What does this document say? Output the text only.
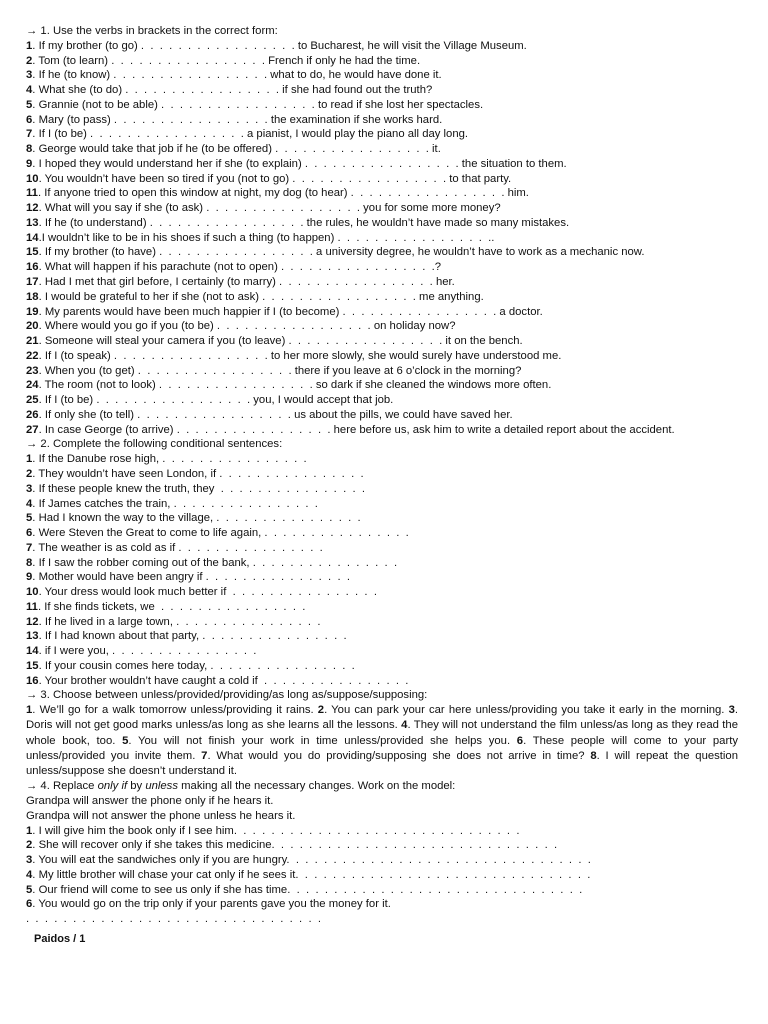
→ 1. Use the verbs in brackets in the correct form:
1. If my brother (to go) .  .  .  .  .  .  .  .  .  .  .  .  .  .  .  .  . to Bucharest, he will visit the Village Museum.
2. Tom (to learn) .  .  .  .  .  .  .  .  .  .  .  .  .  .  .  .  . French if only he had the time.
3. If he (to know) .  .  .  .  .  .  .  .  .  .  .  .  .  .  .  .  . what to do, he would have done it.
4. What she (to do) .  .  .  .  .  .  .  .  .  .  .  .  .  .  .  .  . if she had found out the truth?
5. Grannie (not to be able) .  .  .  .  .  .  .  .  .  .  .  .  .  .  .  .  . to read if she lost her spectacles.
6. Mary (to pass) .  .  .  .  .  .  .  .  .  .  .  .  .  .  .  .  . the examination if she works hard.
7. If I (to be) .  .  .  .  .  .  .  .  .  .  .  .  .  .  .  .  . a pianist, I would play the piano all day long.
8. George would take that job if he (to be offered) .  .  .  .  .  .  .  .  .  .  .  .  .  .  .  .  . it.
9. I hoped they would understand her if she (to explain) .  .  .  .  .  .  .  .  .  .  .  .  .  .  .  .  . the situation to them.
10. You wouldn’t have been so tired if you (not to go) .  .  .  .  .  .  .  .  .  .  .  .  .  .  .  .  . to that party.
11. If anyone tried to open this window at night, my dog (to hear) .  .  .  .  .  .  .  .  .  .  .  .  .  .  .  .  . him.
12. What will you say if she (to ask) .  .  .  .  .  .  .  .  .  .  .  .  .  .  .  .  . you for some more money?
13. If he (to understand) .  .  .  .  .  .  .  .  .  .  .  .  .  .  .  .  . the rules, he wouldn’t have made so many mistakes.
14.I wouldn’t like to be in his shoes if such a thing (to happen) .  .  .  .  .  .  .  .  .  .  .  .  .  .  .  .  ..
15. If my brother (to have) .  .  .  .  .  .  .  .  .  .  .  .  .  .  .  .  . a university degree, he wouldn’t have to work as a mechanic now.
16. What will happen if his parachute (not to open) .  .  .  .  .  .  .  .  .  .  .  .  .  .  .  .  .?
17. Had I met that girl before, I certainly (to marry) .  .  .  .  .  .  .  .  .  .  .  .  .  .  .  .  . her.
18. I would be grateful to her if she (not to ask) .  .  .  .  .  .  .  .  .  .  .  .  .  .  .  .  . me anything.
19. My parents would have been much happier if I (to become) .  .  .  .  .  .  .  .  .  .  .  .  .  .  .  .  . a doctor.
20. Where would you go if you (to be) .  .  .  .  .  .  .  .  .  .  .  .  .  .  .  .  . on holiday now?
21. Someone will steal your camera if you (to leave) .  .  .  .  .  .  .  .  .  .  .  .  .  .  .  .  . it on the bench.
22. If I (to speak) .  .  .  .  .  .  .  .  .  .  .  .  .  .  .  .  . to her more slowly, she would surely have understood me.
23. When you (to get) .  .  .  .  .  .  .  .  .  .  .  .  .  .  .  .  . there if you leave at 6 o’clock in the morning?
24. The room (not to look) .  .  .  .  .  .  .  .  .  .  .  .  .  .  .  .  . so dark if she cleaned the windows more often.
25. If I (to be) .  .  .  .  .  .  .  .  .  .  .  .  .  .  .  .  . you, I would accept that job.
26. If only she (to tell) .  .  .  .  .  .  .  .  .  .  .  .  .  .  .  .  . us about the pills, we could have saved her.
27. In case George (to arrive) .  .  .  .  .  .  .  .  .  .  .  .  .  .  .  .  . here before us, ask him to write a detailed report about the accident.
→ 2. Complete the following conditional sentences:
1. If the Danube rose high, .  .  .  .  .  .  .  .  .  .  .  .  .  .  .  .
2. They wouldn’t have seen London, if .  .  .  .  .  .  .  .  .  .  .  .  .  .  .  .
3. If these people knew the truth, they  .  .  .  .  .  .  .  .  .  .  .  .  .  .  .  .
4. If James catches the train, .  .  .  .  .  .  .  .  .  .  .  .  .  .  .  .
5. Had I known the way to the village, .  .  .  .  .  .  .  .  .  .  .  .  .  .  .  .
6. Were Steven the Great to come to life again, .  .  .  .  .  .  .  .  .  .  .  .  .  .  .  .
7. The weather is as cold as if .  .  .  .  .  .  .  .  .  .  .  .  .  .  .  .
8. If I saw the robber coming out of the bank, .  .  .  .  .  .  .  .  .  .  .  .  .  .  .  .
9. Mother would have been angry if .  .  .  .  .  .  .  .  .  .  .  .  .  .  .  .
10. Your dress would look much better if  .  .  .  .  .  .  .  .  .  .  .  .  .  .  .  .
11. If she finds tickets, we  .  .  .  .  .  .  .  .  .  .  .  .  .  .  .  .
12. If he lived in a large town, .  .  .  .  .  .  .  .  .  .  .  .  .  .  .  .
13. If I had known about that party, .  .  .  .  .  .  .  .  .  .  .  .  .  .  .  .
14. if I were you, .  .  .  .  .  .  .  .  .  .  .  .  .  .  .  .
15. If your cousin comes here today, .  .  .  .  .  .  .  .  .  .  .  .  .  .  .  .
16. Your brother wouldn’t have caught a cold if  .  .  .  .  .  .  .  .  .  .  .  .  .  .  .  .
→ 3. Choose between unless/provided/providing/as long as/suppose/supposing:
1. We’ll go for a walk tomorrow unless/providing it rains. 2. You can park your car here unless/providing you take it early in the morning. 3. Doris will not get good marks unless/as long as she learns all the lessons. 4. They will not understand the film unless/as long as they read the whole book, too. 5. You will not finish your work in time unless/provided she helps you. 6. These people will come to your party unless/provided you invite them. 7. What would you do providing/supposing she does not arrive in time? 8. I will repeat the question unless/suppose she doesn’t understand it.
→ 4. Replace only if by unless making all the necessary changes. Work on the model:
Grandpa will answer the phone only if he hears it.
Grandpa will not answer the phone unless he hears it.
1. I will give him the book only if I see him.  .  .  .  .  .  .  .  .  .  .  .  .  .  .  .  .  .  .  .  .  .  .  .  .  .  .  .  .  .  .
2. She will recover only if she takes this medicine.  .  .  .  .  .  .  .  .  .  .  .  .  .  .  .  .  .  .  .  .  .  .  .  .  .  .  .  .  .  .
3. You will eat the sandwiches only if you are hungry.  .  .  .  .  .  .  .  .  .  .  .  .  .  .  .  .  .  .  .  .  .  .  .  .  .  .  .  .  .  .  .  .
4. My little brother will chase your cat only if he sees it.  .  .  .  .  .  .  .  .  .  .  .  .  .  .  .  .  .  .  .  .  .  .  .  .  .  .  .  .  .  .  .
5. Our friend will come to see us only if she has time.  .  .  .  .  .  .  .  .  .  .  .  .  .  .  .  .  .  .  .  .  .  .  .  .  .  .  .  .  .  .  .
6. You would go on the trip only if your parents gave you the money for it.
.  .  .  .  .  .  .  .  .  .  .  .  .  .  .  .  .  .  .  .  .  .  .  .  .  .  .  .  .  .  .  .
Paidos / 1
